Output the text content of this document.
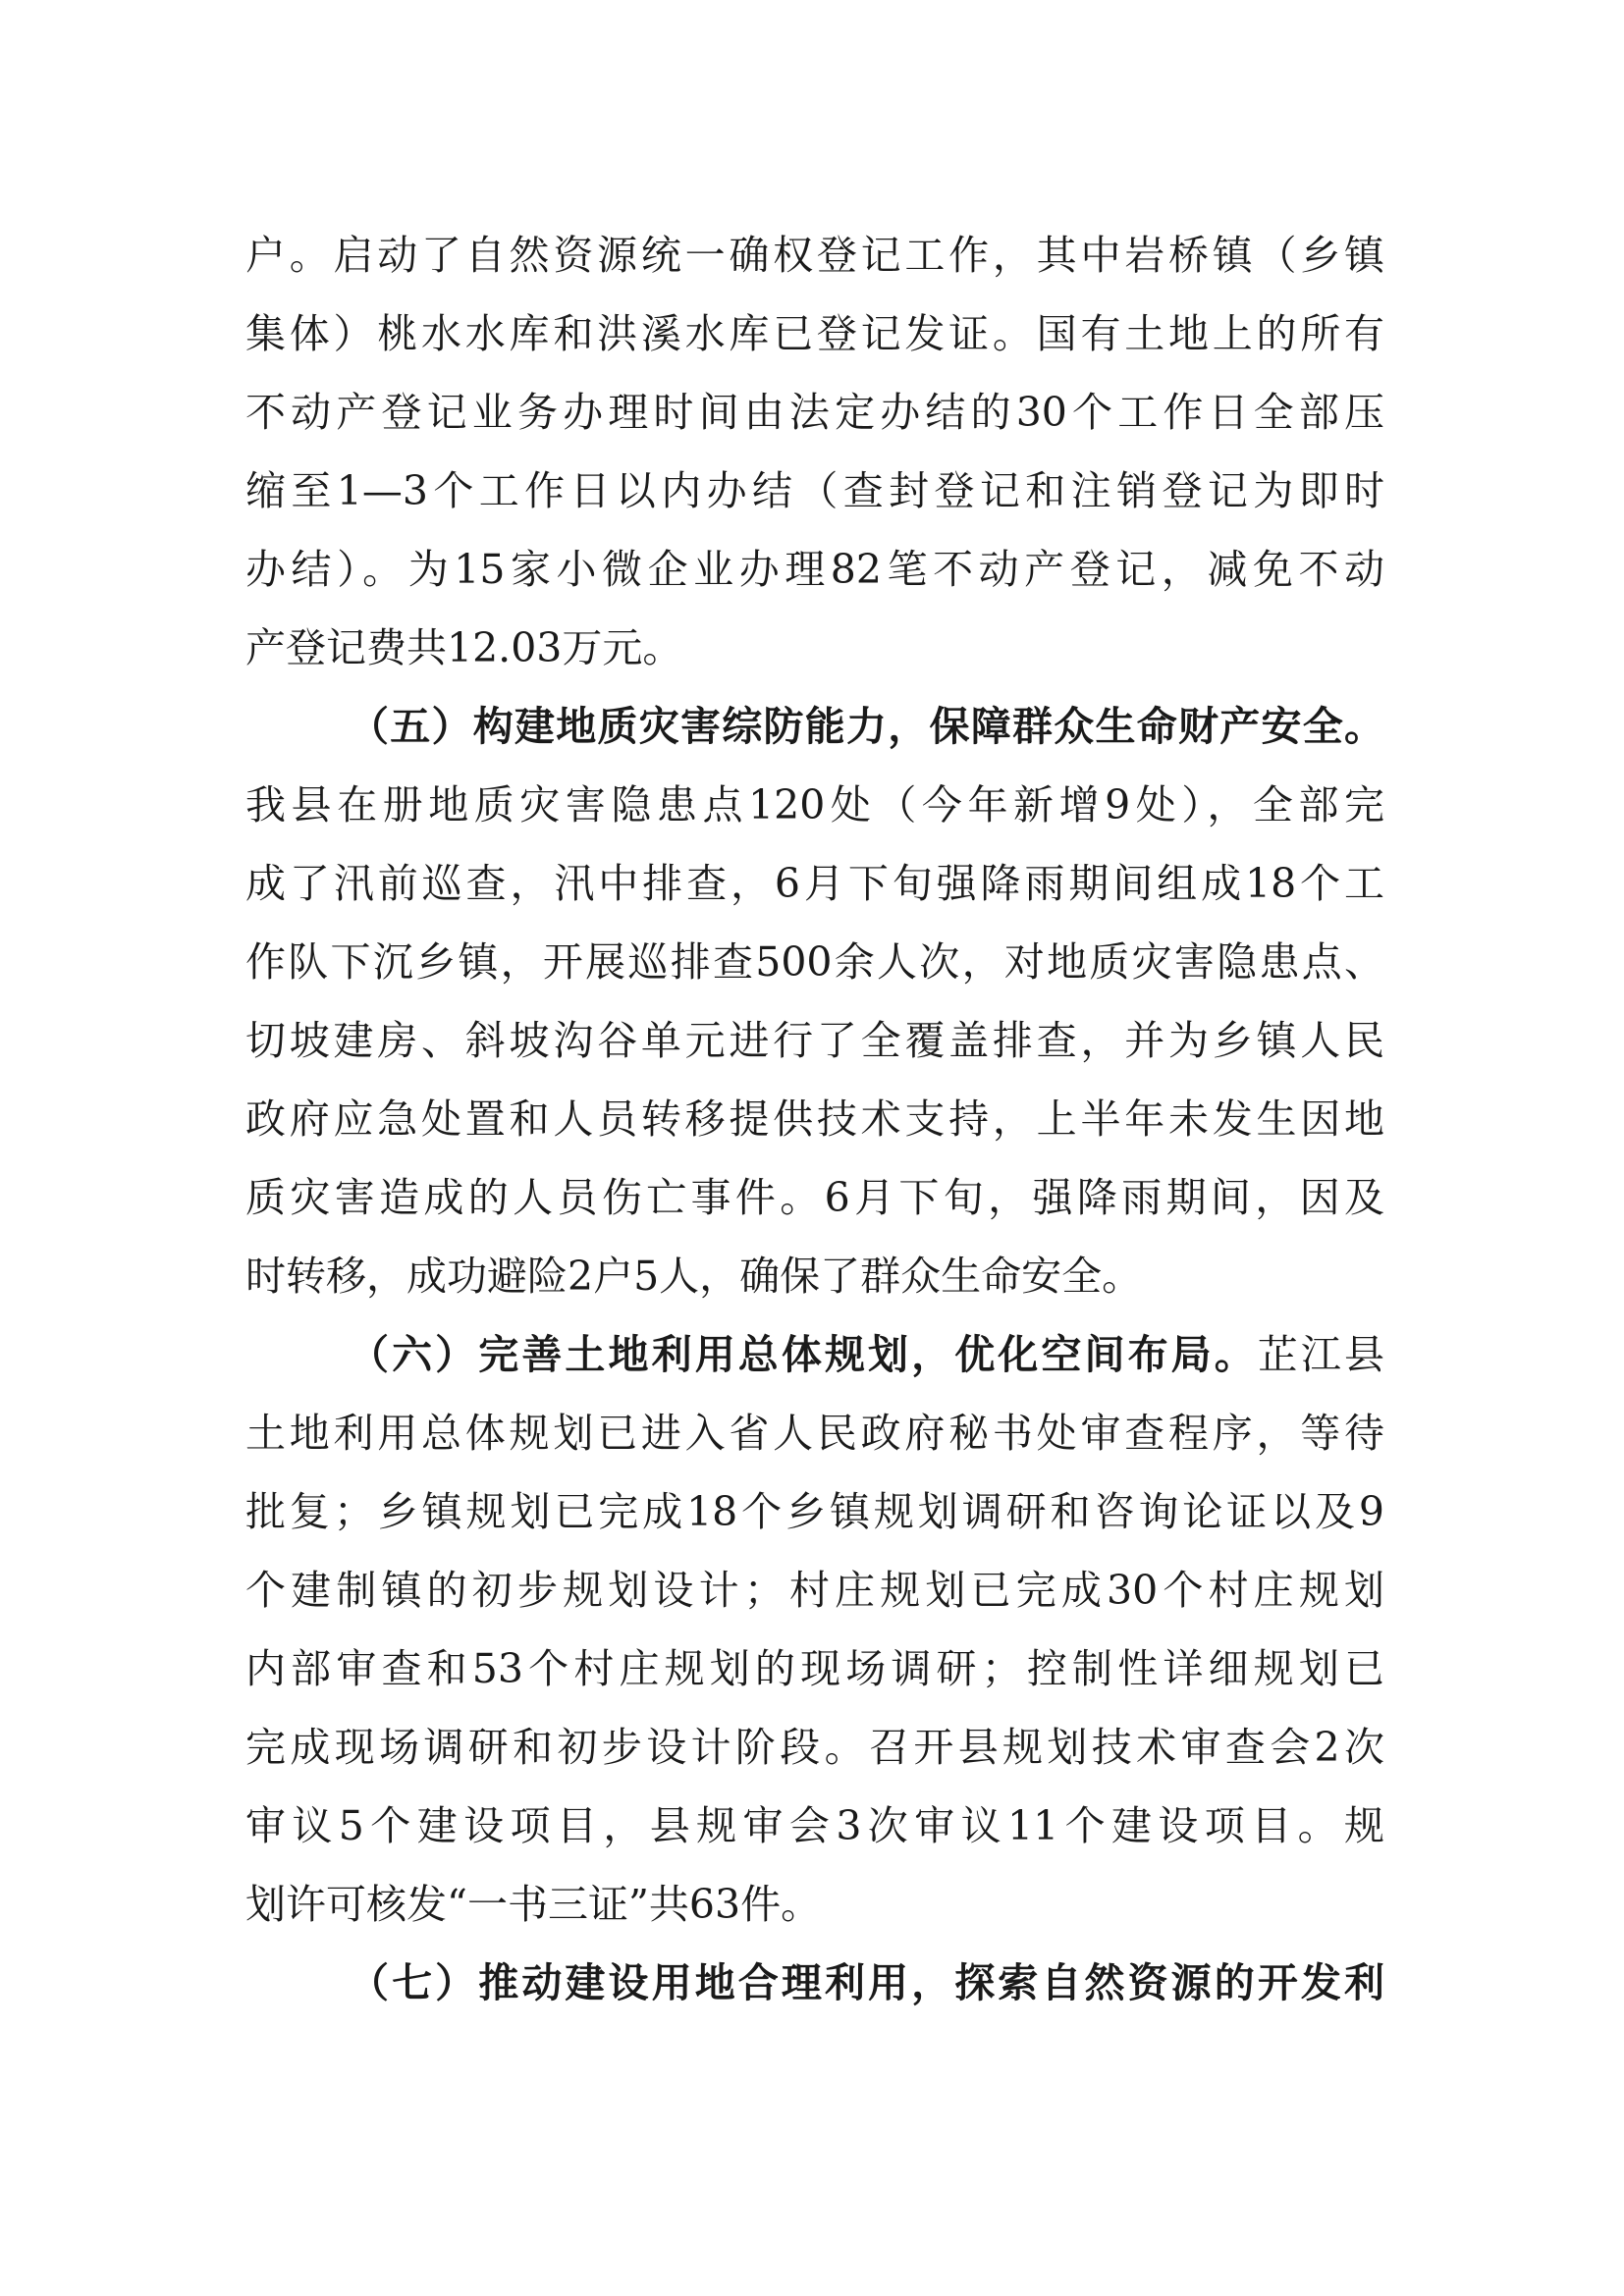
户。启动了自然资源统一确权登记工作，其中岩桥镇（乡镇
集体）桃水水库和洪溪水库已登记发证。国有土地上的所有
不动产登记业务办理时间由法定办结的30个工作日全部压
缩至1—3个工作日以内办结（查封登记和注销登记为即时
办结）。为15家小微企业办理82笔不动产登记，减免不动
产登记费共12.03万元。
（五）构建地质灾害综防能力，保障群众生命财产安全。
我县在册地质灾害隐患点120处（今年新增9处），全部完
成了汛前巡查，汛中排查，6月下旬强降雨期间组成18个工
作队下沉乡镇，开展巡排查500余人次，对地质灾害隐患点、
切坡建房、斜坡沟谷单元进行了全覆盖排查，并为乡镇人民
政府应急处置和人员转移提供技术支持，上半年未发生因地
质灾害造成的人员伤亡事件。6月下旬，强降雨期间，因及
时转移，成功避险2户5人，确保了群众生命安全。
（六）完善土地利用总体规划，优化空间布局。芷江县
土地利用总体规划已进入省人民政府秘书处审查程序，等待
批复；乡镇规划已完成18个乡镇规划调研和咨询论证以及9
个建制镇的初步规划设计；村庄规划已完成30个村庄规划
内部审查和53个村庄规划的现场调研；控制性详细规划已
完成现场调研和初步设计阶段。召开县规划技术审查会2次
审议5个建设项目，县规审会3次审议11个建设项目。规
划许可核发“一书三证”共63件。
（七）推动建设用地合理利用，探索自然资源的开发利
